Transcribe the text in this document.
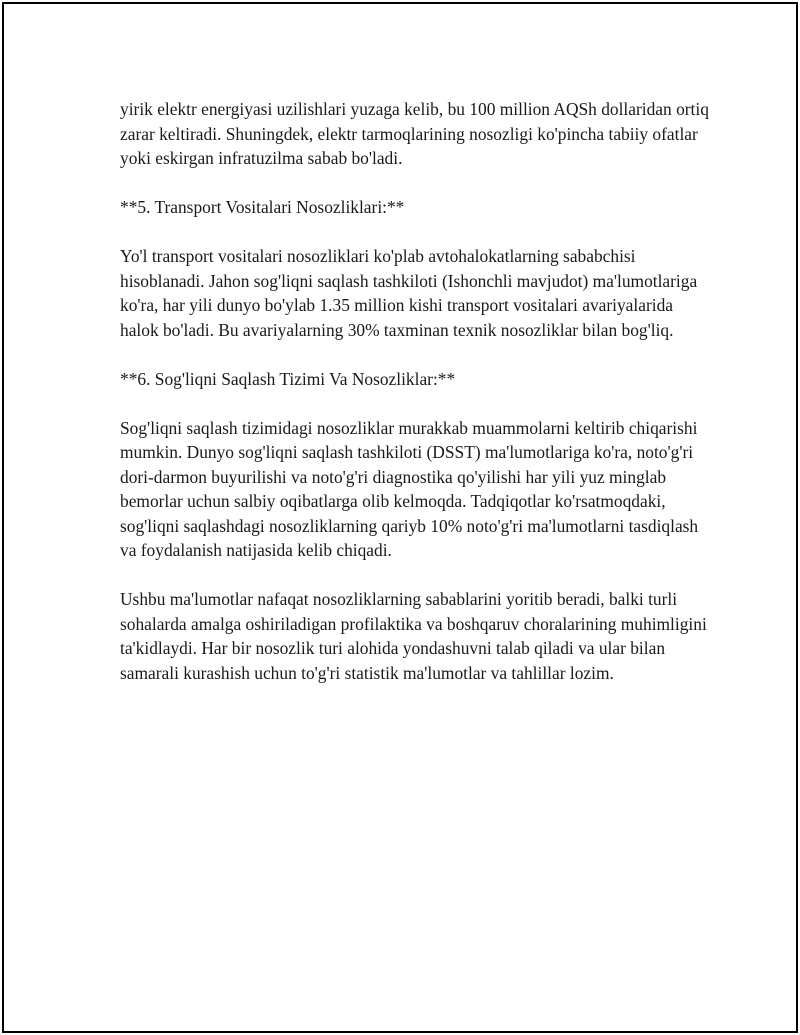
yirik elektr energiyasi uzilishlari yuzaga kelib, bu 100 million AQSh dollaridan ortiq zarar keltiradi. Shuningdek, elektr tarmoqlarining nosozligi ko'pincha tabiiy ofatlar yoki eskirgan infratuzilma sabab bo'ladi.

**5. Transport Vositalari Nosozliklari:**

Yo'l transport vositalari nosozliklari ko'plab avtohalokatlarning sababchisi hisoblanadi. Jahon sog'liqni saqlash tashkiloti (Ishonchli mavjudot) ma'lumotlariga ko'ra, har yili dunyo bo'ylab 1.35 million kishi transport vositalari avariyalarida halok bo'ladi. Bu avariyalarning 30% taxminan texnik nosozliklar bilan bog'liq.

**6. Sog'liqni Saqlash Tizimi Va Nosozliklar:**

Sog'liqni saqlash tizimidagi nosozliklar murakkab muammolarni keltirib chiqarishi mumkin. Dunyo sog'liqni saqlash tashkiloti (DSST) ma'lumotlariga ko'ra, noto'g'ri dori-darmon buyurilishi va noto'g'ri diagnostika qo'yilishi har yili yuz minglab bemorlar uchun salbiy oqibatlarga olib kelmoqda. Tadqiqotlar ko'rsatmoqdaki, sog'liqni saqlashdagi nosozliklarning qariyb 10% noto'g'ri ma'lumotlarni tasdiqlash va foydalanish natijasida kelib chiqadi.

Ushbu ma'lumotlar nafaqat nosozliklarning sabablarini yoritib beradi, balki turli sohalarda amalga oshiriladigan profilaktika va boshqaruv choralarining muhimligini ta'kidlaydi. Har bir nosozlik turi alohida yondashuvni talab qiladi va ular bilan samarali kurashish uchun to'g'ri statistik ma'lumotlar va tahlillar lozim.
